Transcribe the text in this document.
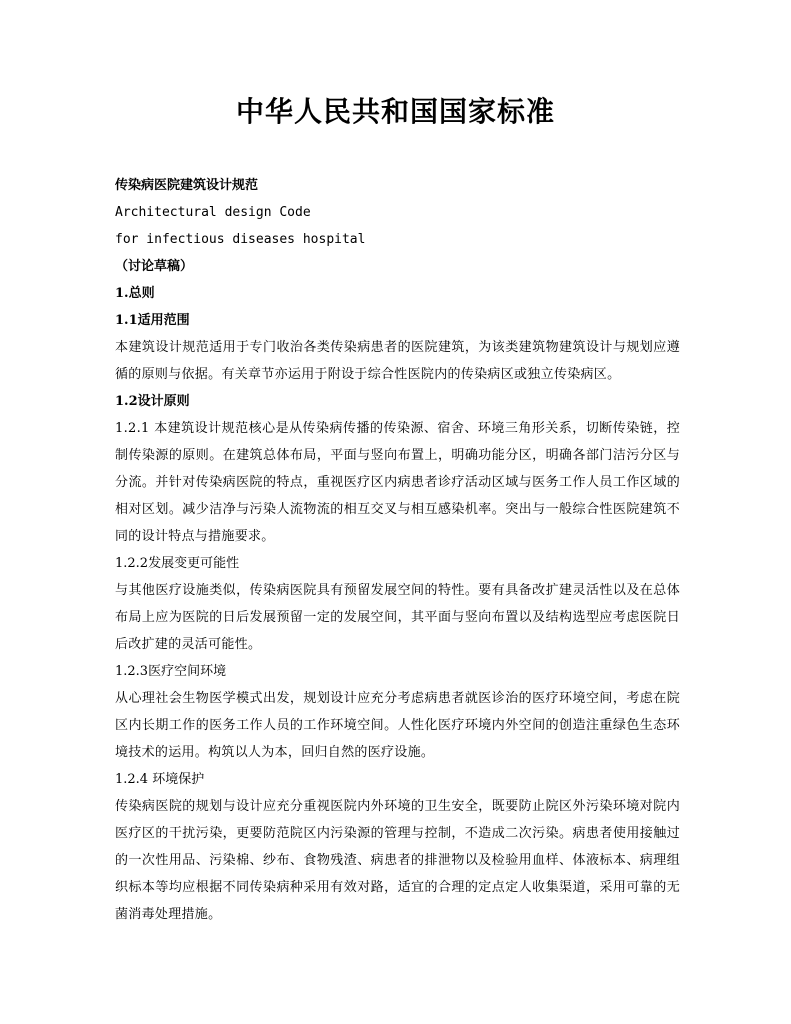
中华人民共和国国家标准

传染病医院建筑设计规范

Architectural design Code

for infectious diseases hospital

（讨论草稿）

1.总则

1.1适用范围

本建筑设计规范适用于专门收治各类传染病患者的医院建筑，为该类建筑物建筑设计与规划应遵循的原则与依据。有关章节亦运用于附设于综合性医院内的传染病区或独立传染病区。

1.2设计原则

1.2.1 本建筑设计规范核心是从传染病传播的传染源、宿舍、环境三角形关系，切断传染链，控制传染源的原则。在建筑总体布局，平面与竖向布置上，明确功能分区，明确各部门洁污分区与分流。并针对传染病医院的特点，重视医疗区内病患者诊疗活动区域与医务工作人员工作区域的相对区划。减少洁净与污染人流物流的相互交叉与相互感染机率。突出与一般综合性医院建筑不同的设计特点与措施要求。

1.2.2发展变更可能性

与其他医疗设施类似，传染病医院具有预留发展空间的特性。要有具备改扩建灵活性以及在总体布局上应为医院的日后发展预留一定的发展空间，其平面与竖向布置以及结构选型应考虑医院日后改扩建的灵活可能性。

1.2.3医疗空间环境

从心理社会生物医学模式出发，规划设计应充分考虑病患者就医诊治的医疗环境空间，考虑在院区内长期工作的医务工作人员的工作环境空间。人性化医疗环境内外空间的创造注重绿色生态环境技术的运用。构筑以人为本，回归自然的医疗设施。

1.2.4 环境保护

传染病医院的规划与设计应充分重视医院内外环境的卫生安全，既要防止院区外污染环境对院内医疗区的干扰污染，更要防范院区内污染源的管理与控制，不造成二次污染。病患者使用接触过的一次性用品、污染棉、纱布、食物残渣、病患者的排泄物以及检验用血样、体液标本、病理组织标本等均应根据不同传染病种采用有效对路，适宜的合理的定点定人收集渠道，采用可靠的无菌消毒处理措施。
